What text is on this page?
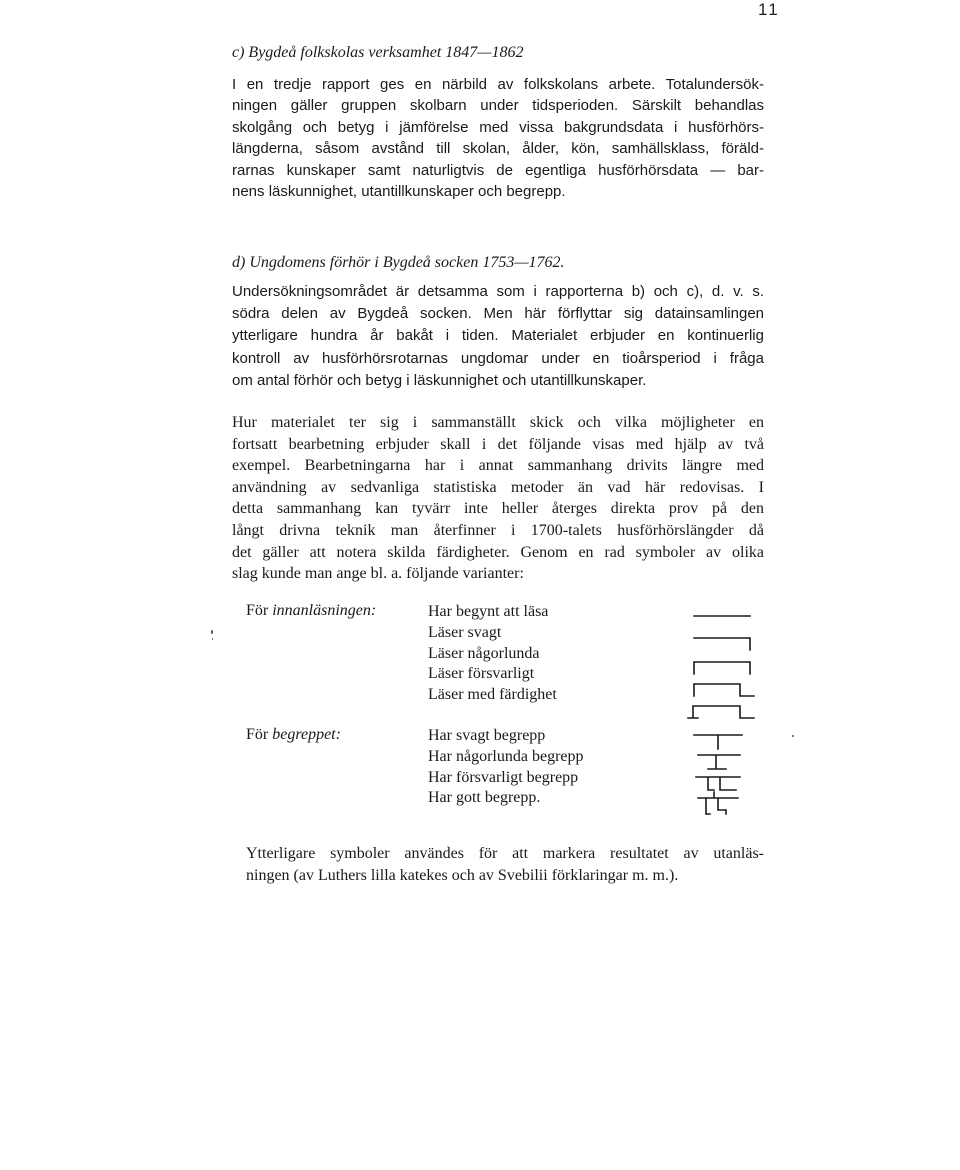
11
c) Bygdeå folkskolas verksamhet 1847—1862
I en tredje rapport ges en närbild av folkskolans arbete. Totalundersök-
ningen gäller gruppen skolbarn under tidsperioden. Särskilt behandlas
skolgång och betyg i jämförelse med vissa bakgrundsdata i husförhörs-
längderna, såsom avstånd till skolan, ålder, kön, samhällsklass, föräld-
rarnas kunskaper samt naturligtvis de egentliga husförhörsdata — bar-
nens läskunnighet, utantillkunskaper och begrepp.
d) Ungdomens förhör i Bygdeå socken 1753—1762.
Undersökningsområdet är detsamma som i rapporterna b) och c), d. v. s.
södra delen av Bygdeå socken. Men här förflyttar sig datainsamlingen
ytterligare hundra år bakåt i tiden. Materialet erbjuder en kontinuerlig
kontroll av husförhörsrotarnas ungdomar under en tioårsperiod i fråga
om antal förhör och betyg i läskunnighet och utantillkunskaper.
Hur materialet ter sig i sammanställt skick och vilka möjligheter en
fortsatt bearbetning erbjuder skall i det följande visas med hjälp av två
exempel. Bearbetningarna har i annat sammanhang drivits längre med
användning av sedvanliga statistiska metoder än vad här redovisas. I
detta sammanhang kan tyvärr inte heller återges direkta prov på den
långt drivna teknik man återfinner i 1700-talets husförhörslängder då
det gäller att notera skilda färdigheter. Genom en rad symboler av olika
slag kunde man ange bl. a. följande varianter:
För innanläsningen:	Har begynt att läsa
Läser svagt
Läser någorlunda
Läser försvarligt
Läser med färdighet
För begreppet:	Har svagt begrepp
Har någorlunda begrepp
Har försvarligt begrepp
Har gott begrepp.
Ytterligare symboler användes för att markera resultatet av utanläs-
ningen (av Luthers lilla katekes och av Svebilii förklaringar m. m.).
